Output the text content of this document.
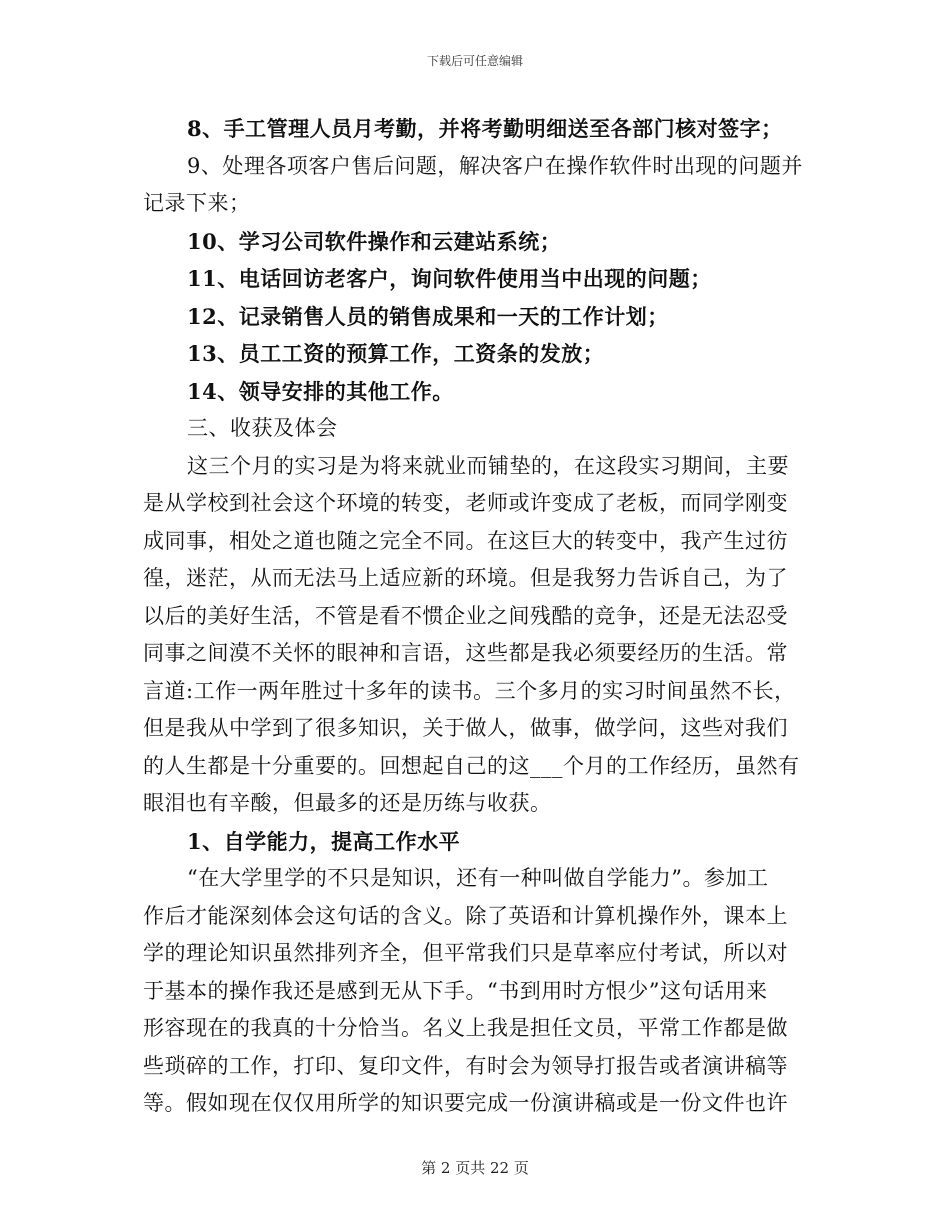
下载后可任意编辑
8、手工管理人员月考勤，并将考勤明细送至各部门核对签字；
9、处理各项客户售后问题，解决客户在操作软件时出现的问题并
记录下来；
10、学习公司软件操作和云建站系统；
11、电话回访老客户，询问软件使用当中出现的问题；
12、记录销售人员的销售成果和一天的工作计划；
13、员工工资的预算工作，工资条的发放；
14、领导安排的其他工作。
三、收获及体会
这三个月的实习是为将来就业而铺垫的，在这段实习期间，主要
是从学校到社会这个环境的转变，老师或许变成了老板，而同学刚变
成同事，相处之道也随之完全不同。在这巨大的转变中，我产生过彷
徨，迷茫，从而无法马上适应新的环境。但是我努力告诉自己，为了
以后的美好生活，不管是看不惯企业之间残酷的竞争，还是无法忍受
同事之间漠不关怀的眼神和言语，这些都是我必须要经历的生活。常
言道:工作一两年胜过十多年的读书。三个多月的实习时间虽然不长，
但是我从中学到了很多知识，关于做人，做事，做学问，这些对我们
的人生都是十分重要的。回想起自己的这___个月的工作经历，虽然有
眼泪也有辛酸，但最多的还是历练与收获。
1、自学能力，提高工作水平
“在大学里学的不只是知识，还有一种叫做自学能力”。参加工
作后才能深刻体会这句话的含义。除了英语和计算机操作外，课本上
学的理论知识虽然排列齐全，但平常我们只是草率应付考试，所以对
于基本的操作我还是感到无从下手。“书到用时方恨少”这句话用来
形容现在的我真的十分恰当。名义上我是担任文员，平常工作都是做
些琐碎的工作，打印、复印文件，有时会为领导打报告或者演讲稿等
等。假如现在仅仅用所学的知识要完成一份演讲稿或是一份文件也许
第 2 页共 22 页
